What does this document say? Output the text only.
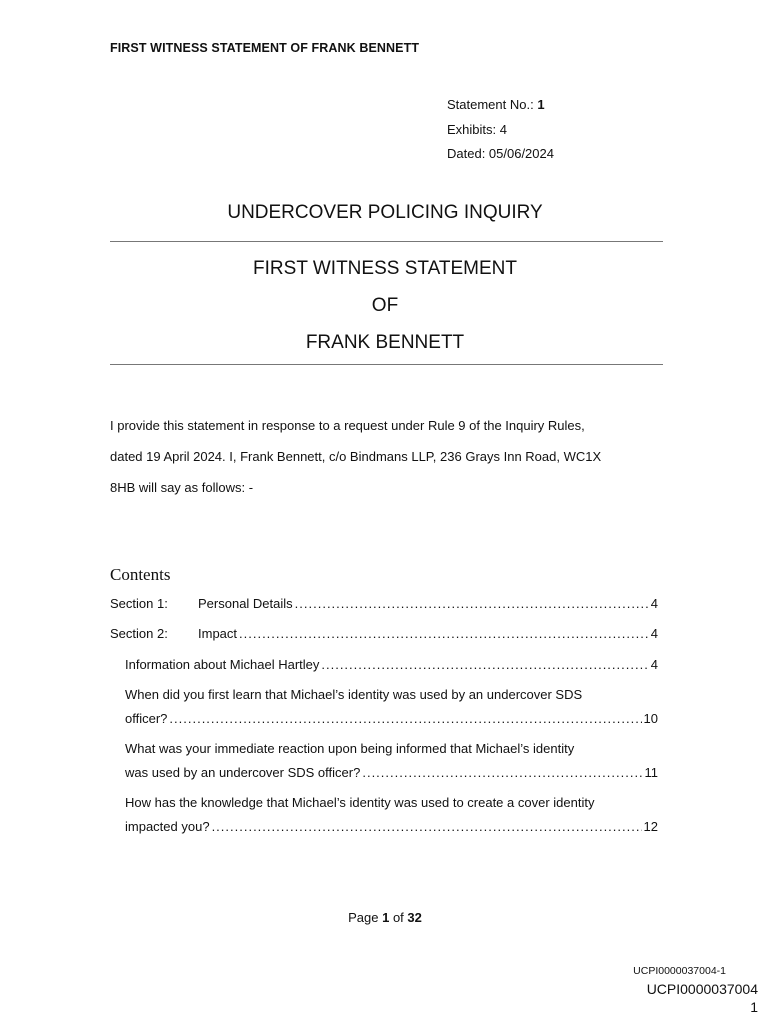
FIRST WITNESS STATEMENT OF FRANK BENNETT
Statement No.: 1
Exhibits: 4
Dated: 05/06/2024
UNDERCOVER POLICING INQUIRY
FIRST WITNESS STATEMENT
OF
FRANK BENNETT
I provide this statement in response to a request under Rule 9 of the Inquiry Rules,
dated 19 April 2024. I, Frank Bennett, c/o Bindmans LLP, 236 Grays Inn Road, WC1X
8HB will say as follows: -
Contents
Section 1:	Personal Details .....	4
Section 2:	Impact .....	4
Information about Michael Hartley .....	4
When did you first learn that Michael’s identity was used by an undercover SDS
officer? .....	10
What was your immediate reaction upon being informed that Michael’s identity
was used by an undercover SDS officer? .....	11
How has the knowledge that Michael’s identity was used to create a cover identity
impacted you? .....	12
Page 1 of 32
UCPI0000037004-1
UCPI0000037004
1
